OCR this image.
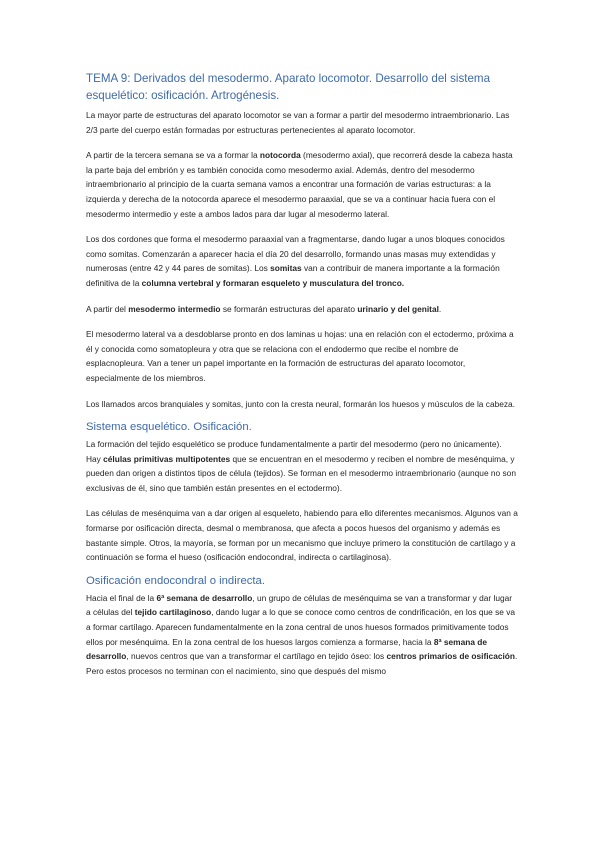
TEMA 9: Derivados del mesodermo. Aparato locomotor. Desarrollo del sistema esquelético: osificación. Artrogénesis.

La mayor parte de estructuras del aparato locomotor se van a formar a partir del mesodermo intraembrionario. Las 2/3 parte del cuerpo están formadas por estructuras pertenecientes al aparato locomotor.

A partir de la tercera semana se va a formar la notocorda (mesodermo axial), que recorrerá desde la cabeza hasta la parte baja del embrión y es también conocida como mesodermo axial. Además, dentro del mesodermo intraembrionario al principio de la cuarta semana vamos a encontrar una formación de varias estructuras: a la izquierda y derecha de la notocorda aparece el mesodermo paraaxial, que se va a continuar hacia fuera con el mesodermo intermedio y este a ambos lados para dar lugar al mesodermo lateral.

Los dos cordones que forma el mesodermo paraaxial van a fragmentarse, dando lugar a unos bloques conocidos como somitas. Comenzarán a aparecer hacia el día 20 del desarrollo, formando unas masas muy extendidas y numerosas (entre 42 y 44 pares de somitas). Los somitas van a contribuir de manera importante a la formación definitiva de la columna vertebral y formaran esqueleto y musculatura del tronco.

A partir del mesodermo intermedio se formarán estructuras del aparato urinario y del genital.

El mesodermo lateral va a desdoblarse pronto en dos laminas u hojas: una en relación con el ectodermo, próxima a él y conocida como somatopleura y otra que se relaciona con el endodermo que recibe el nombre de esplacnopleura. Van a tener un papel importante en la formación de estructuras del aparato locomotor, especialmente de los miembros.

Los llamados arcos branquiales y somitas, junto con la cresta neural, formarán los huesos y músculos de la cabeza.

Sistema esquelético. Osificación.

La formación del tejido esquelético se produce fundamentalmente a partir del mesodermo (pero no únicamente). Hay células primitivas multipotentes que se encuentran en el mesodermo y reciben el nombre de mesénquima, y pueden dan origen a distintos tipos de célula (tejidos). Se forman en el mesodermo intraembrionario (aunque no son exclusivas de él, sino que también están presentes en el ectodermo).

Las células de mesénquima van a dar origen al esqueleto, habiendo para ello diferentes mecanismos. Algunos van a formarse por osificación directa, desmal o membranosa, que afecta a pocos huesos del organismo y además es bastante simple. Otros, la mayoría, se forman por un mecanismo que incluye primero la constitución de cartílago y a continuación se forma el hueso (osificación endocondral, indirecta o cartilaginosa).

Osificación endocondral o indirecta.

Hacia el final de la 6ª semana de desarrollo, un grupo de células de mesénquima se van a transformar y dar lugar a células del tejido cartilaginoso, dando lugar a lo que se conoce como centros de condrificación, en los que se va a formar cartílago. Aparecen fundamentalmente en la zona central de unos huesos formados primitivamente todos ellos por mesénquima. En la zona central de los huesos largos comienza a formarse, hacia la 8ª semana de desarrollo, nuevos centros que van a transformar el cartílago en tejido óseo: los centros primarios de osificación. Pero estos procesos no terminan con el nacimiento, sino que después del mismo
